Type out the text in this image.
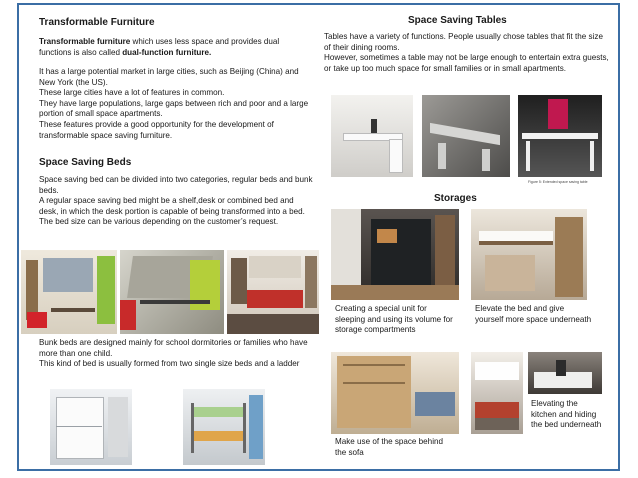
Transformable Furniture

Transformable furniture which uses less space and provides dual functions is also called dual-function furniture.

It has a large potential market in large cities, such as Beijing (China) and New York (the US).

These large cities have a lot of features in common.

They have large populations, large gaps between rich and poor and a large portion of small space apartments.

These features provide a good opportunity for the development of transformable space saving furniture.

Space Saving Beds

Space saving bed can be divided into two categories, regular beds and bunk beds.

A regular space saving bed might be a shelf,desk or combined bed and desk, in which the desk portion is capable of being transformed into a bed.

The bed size can be various depending on the customer’s request.

Bunk beds are designed mainly for school dormitories or families who have more than one child.

This kind of bed is usually formed from two single size beds and a ladder

Space Saving Tables

Tables have a variety of functions. People usually chose tables that fit the size of their dining rooms.

However, sometimes a table may not be large enough to entertain extra guests, or take up too much space for small families or in small apartments.

Figure 5: Extended space saving table
Storages
Creating a special unit for sleeping and using its volume for storage compartments
Elevate the bed and give yourself more space underneath
Make use of the space behind the sofa
Elevating the kitchen and hiding the bed underneath
